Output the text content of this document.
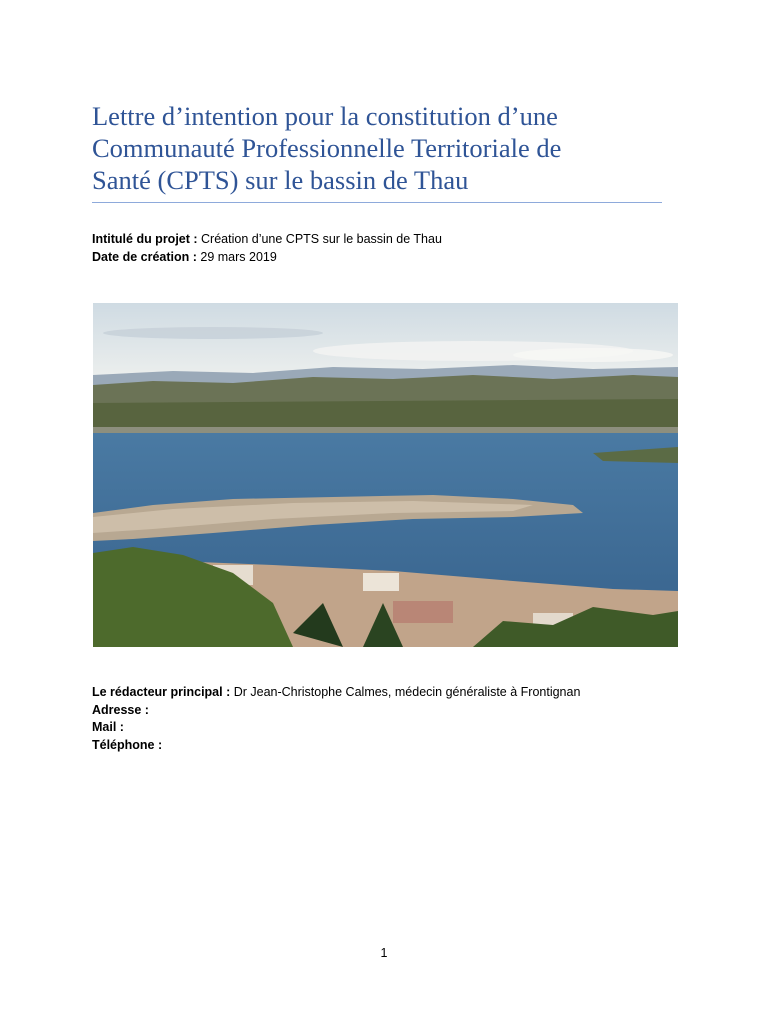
Lettre d’intention pour la constitution d’une
Communauté Professionnelle Territoriale de
Santé (CPTS) sur le bassin de Thau
Intitulé du projet : Création d’une CPTS sur le bassin de Thau
Date de création : 29 mars 2019
Le rédacteur principal : Dr Jean-Christophe Calmes, médecin généraliste à Frontignan
Adresse :
Mail :
Téléphone :
1
